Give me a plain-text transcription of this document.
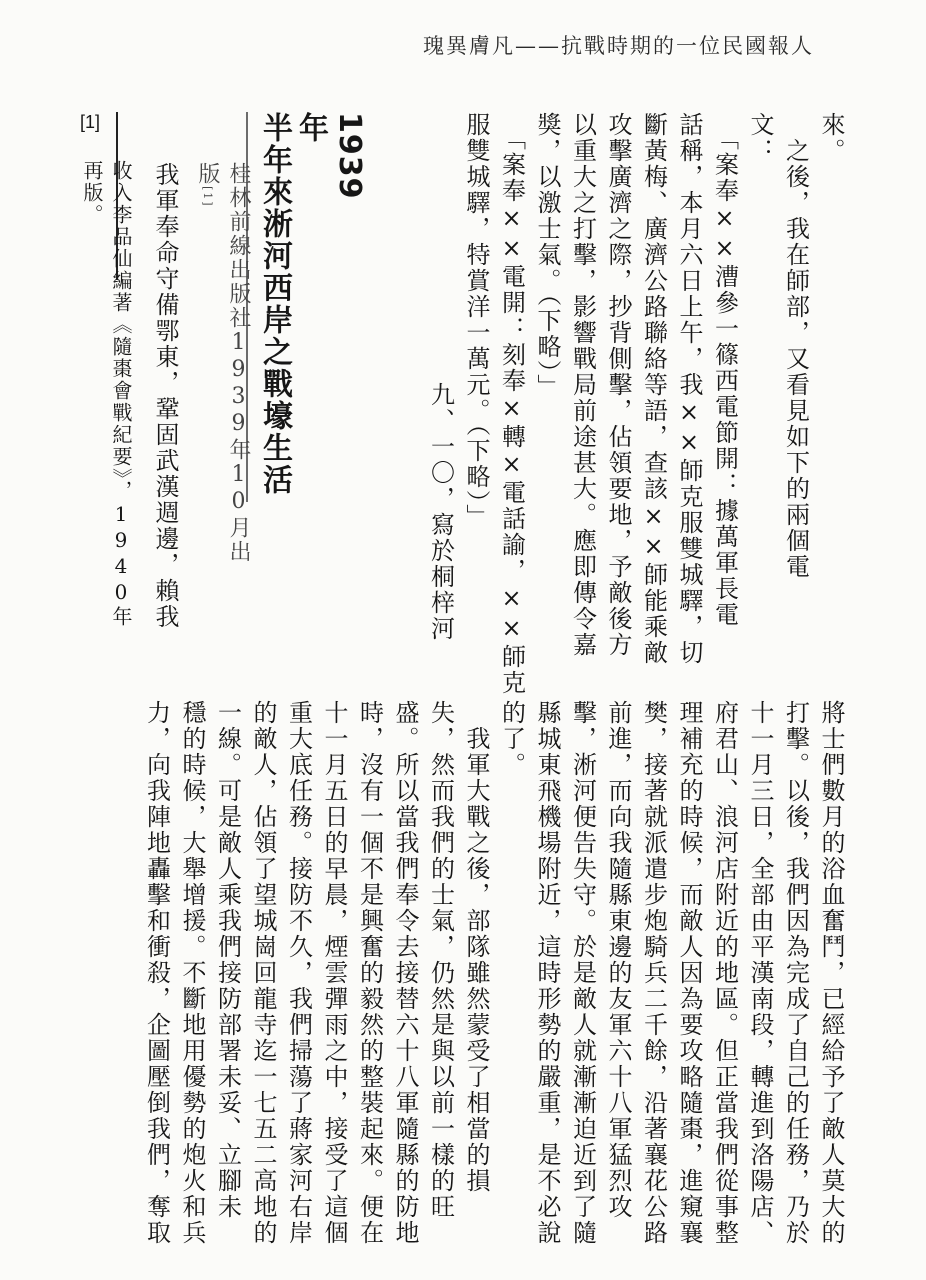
瑰異膚凡——抗戰時期的一位民國報人

來。

　之後，我在師部，又看見如下的兩個電

文：

　「案奉××漕參一篠西電節開：據萬軍長電

話稱，本月六日上午，我××師克服雙城驛，切

斷黃梅、廣濟公路聯絡等語，查該××師能乘敵

攻擊廣濟之際，抄背側擊，佔領要地，予敵後方

以重大之打擊，影響戰局前途甚大。應即傳令嘉

獎，以激士氣。（下略）」

　「案奉××電開：刻奉×轉×電話諭，××師克

服雙城驛，特賞洋一萬元。（下略）」

九、一〇，寫於桐梓河

1939年
半年來淅河西岸之戰壕生活
桂林前線出版社1939年10月出版[1]
我軍奉命守備鄂東，鞏固武漢週邊，賴我
[1]
收入李品仙編著《隨棗會戰紀要》，1940年再版。

將士們數月的浴血奮鬥，已經給予了敵人莫大的

打擊。以後，我們因為完成了自己的任務，乃於

十一月三日，全部由平漢南段，轉進到洛陽店、

府君山、浪河店附近的地區。但正當我們從事整

理補充的時候，而敵人因為要攻略隨棗，進窺襄

樊，接著就派遣步炮騎兵二千餘，沿著襄花公路

前進，而向我隨縣東邊的友軍六十八軍猛烈攻

擊，淅河便告失守。於是敵人就漸漸迫近到了隨

縣城東飛機場附近，這時形勢的嚴重，是不必說

的了。

　我軍大戰之後，部隊雖然蒙受了相當的損

失，然而我們的士氣，仍然是與以前一樣的旺

盛。所以當我們奉令去接替六十八軍隨縣的防地

時，沒有一個不是興奮的毅然的整裝起來。便在

十一月五日的早晨，煙雲彈雨之中，接受了這個

重大底任務。接防不久，我們掃蕩了蔣家河右岸

的敵人，佔領了望城崗回龍寺迄一七五二高地的

一線。可是敵人乘我們接防部署未妥、立腳未

穩的時候，大舉增援。不斷地用優勢的炮火和兵

力，向我陣地轟擊和衝殺，企圖壓倒我們，奪取
